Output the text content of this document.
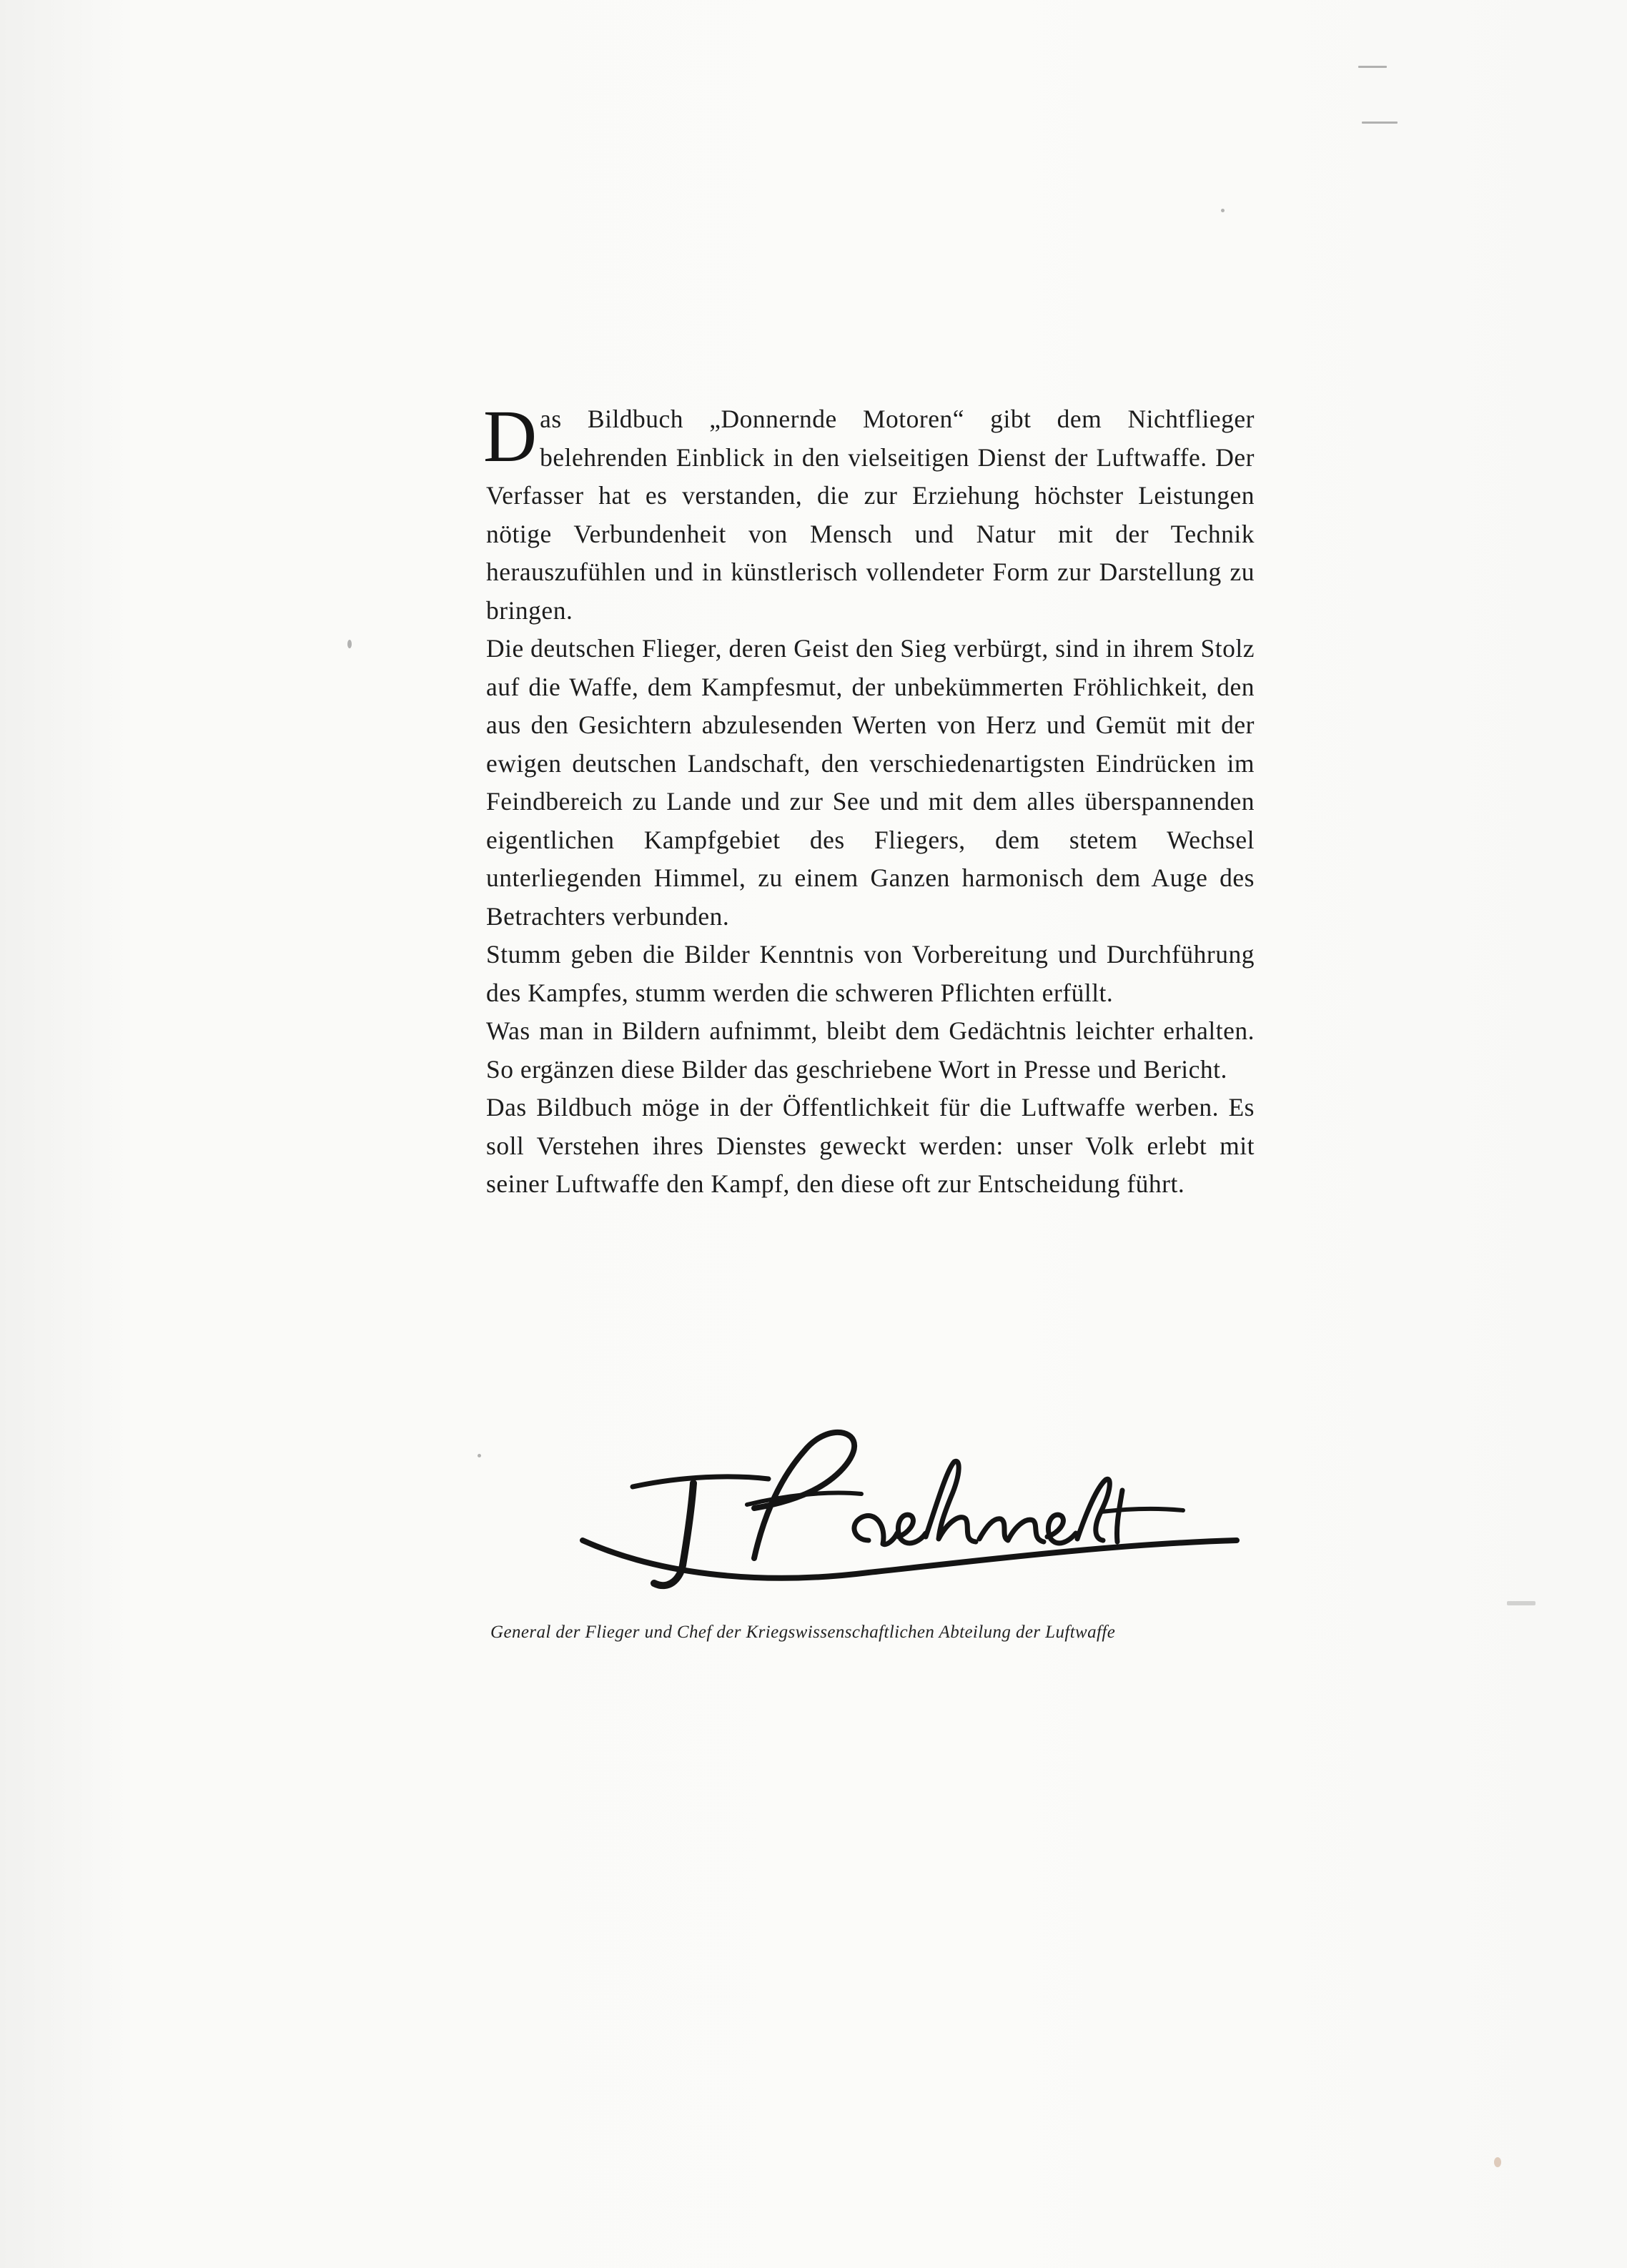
Das Bildbuch „Donnernde Motoren“ gibt dem Nichtflieger belehrenden Einblick in den vielseitigen Dienst der Luftwaffe. Der Verfasser hat es verstanden, die zur Erziehung höchster Leistungen nötige Verbundenheit von Mensch und Natur mit der Technik herauszufühlen und in künstlerisch vollendeter Form zur Darstellung zu bringen.

Die deutschen Flieger, deren Geist den Sieg verbürgt, sind in ihrem Stolz auf die Waffe, dem Kampfesmut, der unbekümmerten Fröhlichkeit, den aus den Gesichtern abzulesenden Werten von Herz und Gemüt mit der ewigen deutschen Landschaft, den verschiedenartigsten Eindrücken im Feindbereich zu Lande und zur See und mit dem alles überspannenden eigentlichen Kampfgebiet des Fliegers, dem stetem Wechsel unterliegenden Himmel, zu einem Ganzen harmonisch dem Auge des Betrachters verbunden.

Stumm geben die Bilder Kenntnis von Vorbereitung und Durchführung des Kampfes, stumm werden die schweren Pflichten erfüllt.

Was man in Bildern aufnimmt, bleibt dem Gedächtnis leichter erhalten. So ergänzen diese Bilder das geschriebene Wort in Presse und Bericht.

Das Bildbuch möge in der Öffentlichkeit für die Luftwaffe werben. Es soll Verstehen ihres Dienstes geweckt werden: unser Volk erlebt mit seiner Luftwaffe den Kampf, den diese oft zur Entscheidung führt.

General der Flieger und Chef der Kriegswissenschaftlichen Abteilung der Luftwaffe
